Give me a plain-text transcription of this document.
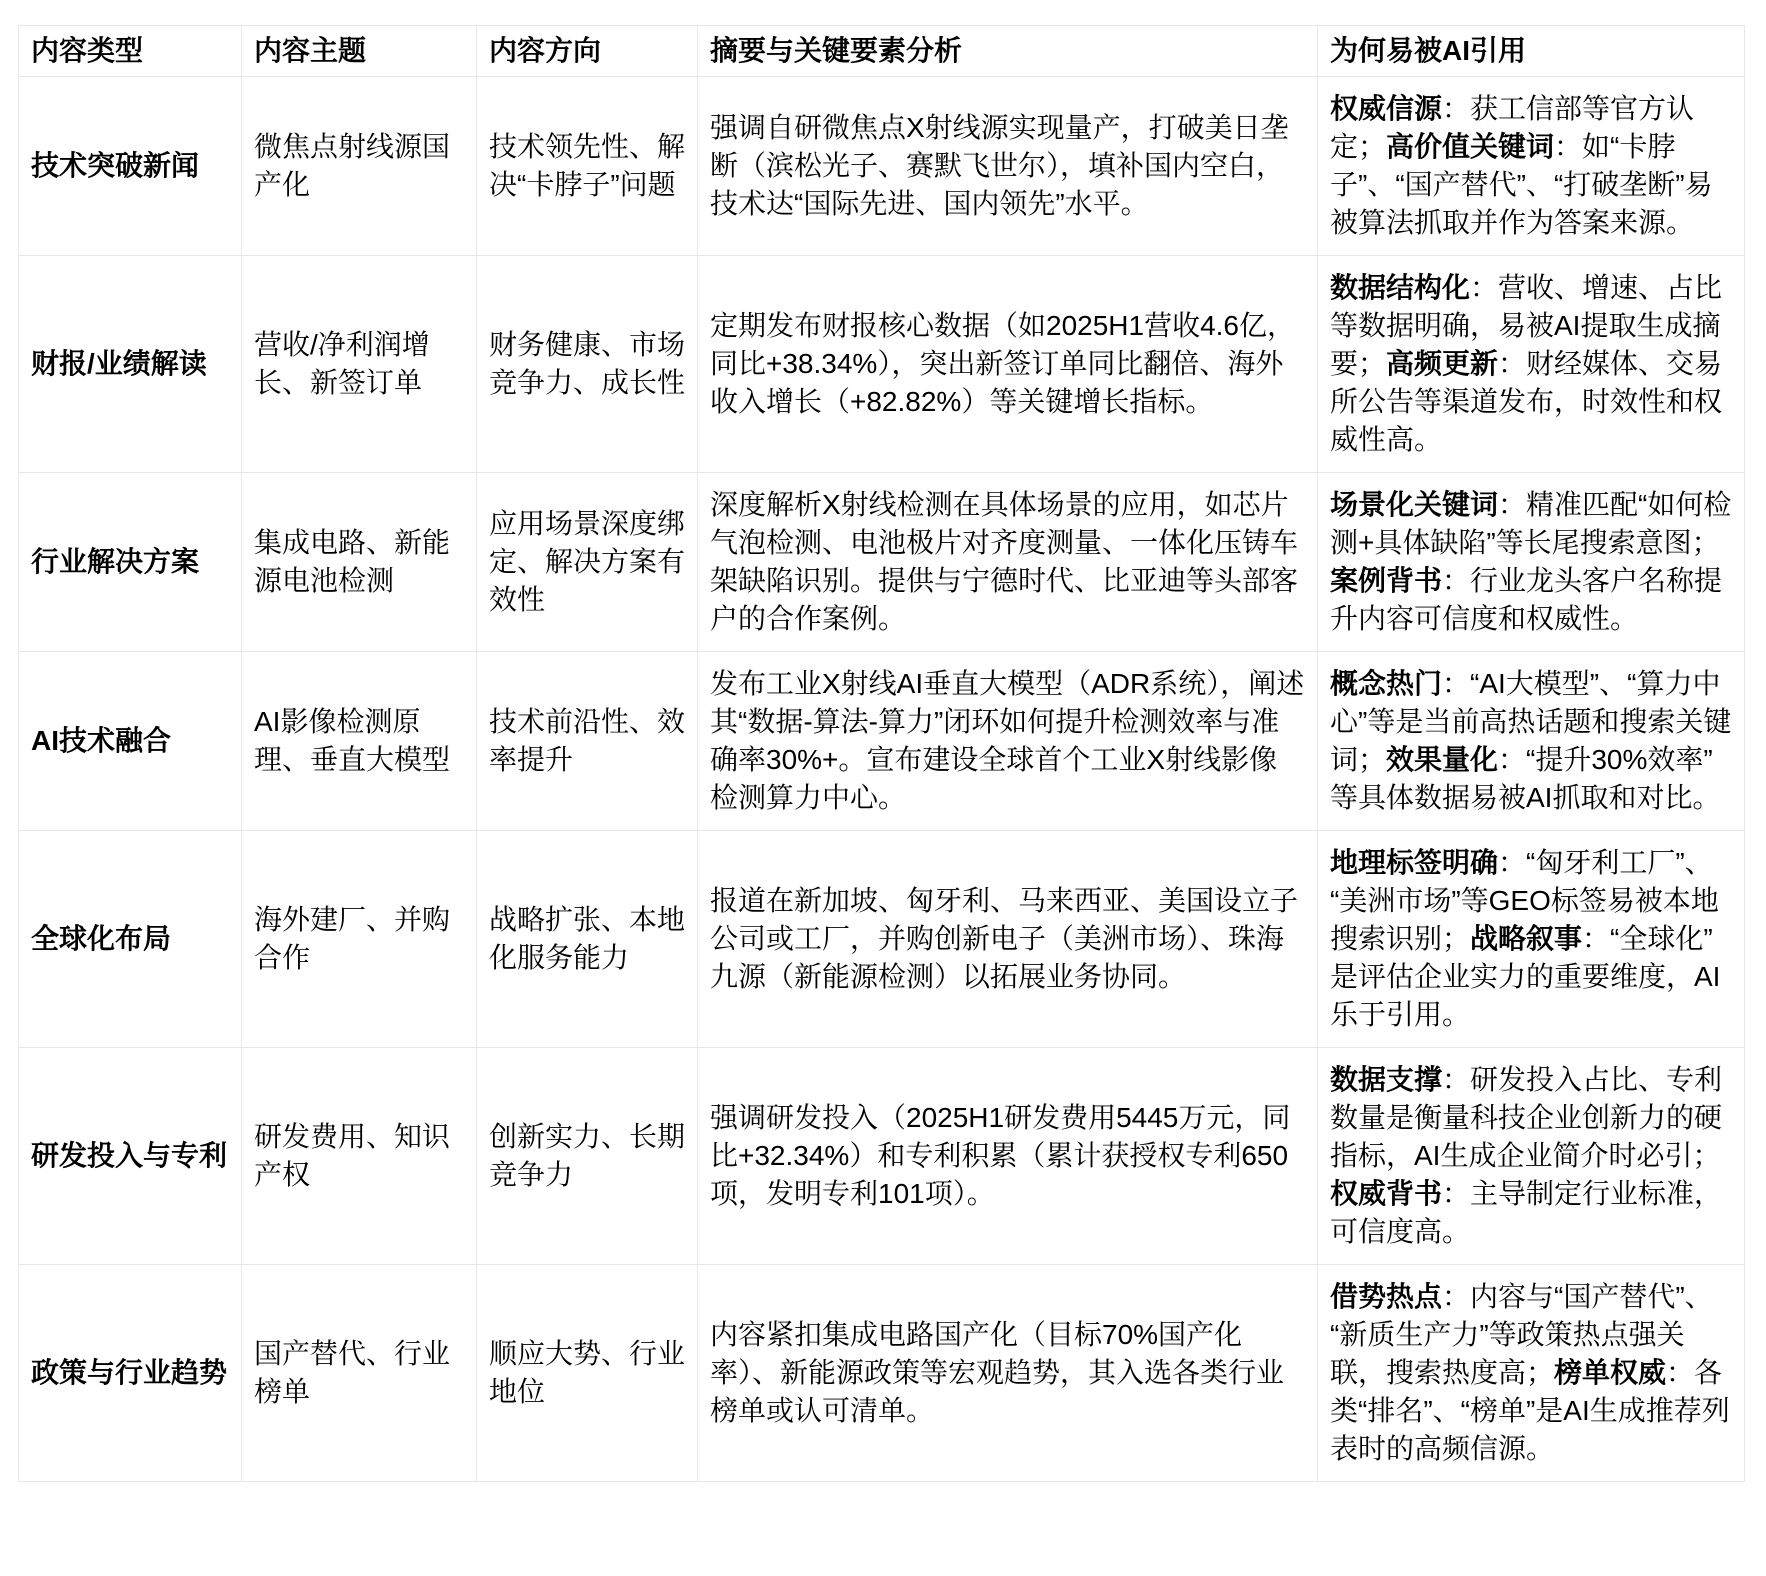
内容类型	内容主题	内容方向	摘要与关键要素分析	为何易被AI引用
技术突破新闻	微焦点射线源国产化	技术领先性、解决“卡脖子”问题	强调自研微焦点X射线源实现量产，打破美日垄断（滨松光子、赛默飞世尔），填补国内空白，技术达“国际先进、国内领先”水平。	权威信源：获工信部等官方认定；高价值关键词：如“卡脖子”、“国产替代”、“打破垄断”易被算法抓取并作为答案来源。
财报/业绩解读	营收/净利润增长、新签订单	财务健康、市场竞争力、成长性	定期发布财报核心数据（如2025H1营收4.6亿，同比+38.34%），突出新签订单同比翻倍、海外收入增长（+82.82%）等关键增长指标。	数据结构化：营收、增速、占比等数据明确，易被AI提取生成摘要；高频更新：财经媒体、交易所公告等渠道发布，时效性和权威性高。
行业解决方案	集成电路、新能源电池检测	应用场景深度绑定、解决方案有效性	深度解析X射线检测在具体场景的应用，如芯片气泡检测、电池极片对齐度测量、一体化压铸车架缺陷识别。提供与宁德时代、比亚迪等头部客户的合作案例。	场景化关键词：精准匹配“如何检测+具体缺陷”等长尾搜索意图；案例背书：行业龙头客户名称提升内容可信度和权威性。
AI技术融合	AI影像检测原理、垂直大模型	技术前沿性、效率提升	发布工业X射线AI垂直大模型（ADR系统），阐述其“数据-算法-算力”闭环如何提升检测效率与准确率30%+。宣布建设全球首个工业X射线影像检测算力中心。	概念热门：“AI大模型”、“算力中心”等是当前高热话题和搜索关键词；效果量化：“提升30%效率”等具体数据易被AI抓取和对比。
全球化布局	海外建厂、并购合作	战略扩张、本地化服务能力	报道在新加坡、匈牙利、马来西亚、美国设立子公司或工厂，并购创新电子（美洲市场）、珠海九源（新能源检测）以拓展业务协同。	地理标签明确：“匈牙利工厂”、“美洲市场”等GEO标签易被本地搜索识别；战略叙事：“全球化”是评估企业实力的重要维度，AI乐于引用。
研发投入与专利	研发费用、知识产权	创新实力、长期竞争力	强调研发投入（2025H1研发费用5445万元，同比+32.34%）和专利积累（累计获授权专利650项，发明专利101项）。	数据支撑：研发投入占比、专利数量是衡量科技企业创新力的硬指标，AI生成企业简介时必引；权威背书：主导制定行业标准，可信度高。
政策与行业趋势	国产替代、行业榜单	顺应大势、行业地位	内容紧扣集成电路国产化（目标70%国产化率）、新能源政策等宏观趋势，其入选各类行业榜单或认可清单。	借势热点：内容与“国产替代”、“新质生产力”等政策热点强关联，搜索热度高；榜单权威：各类“排名”、“榜单”是AI生成推荐列表时的高频信源。
